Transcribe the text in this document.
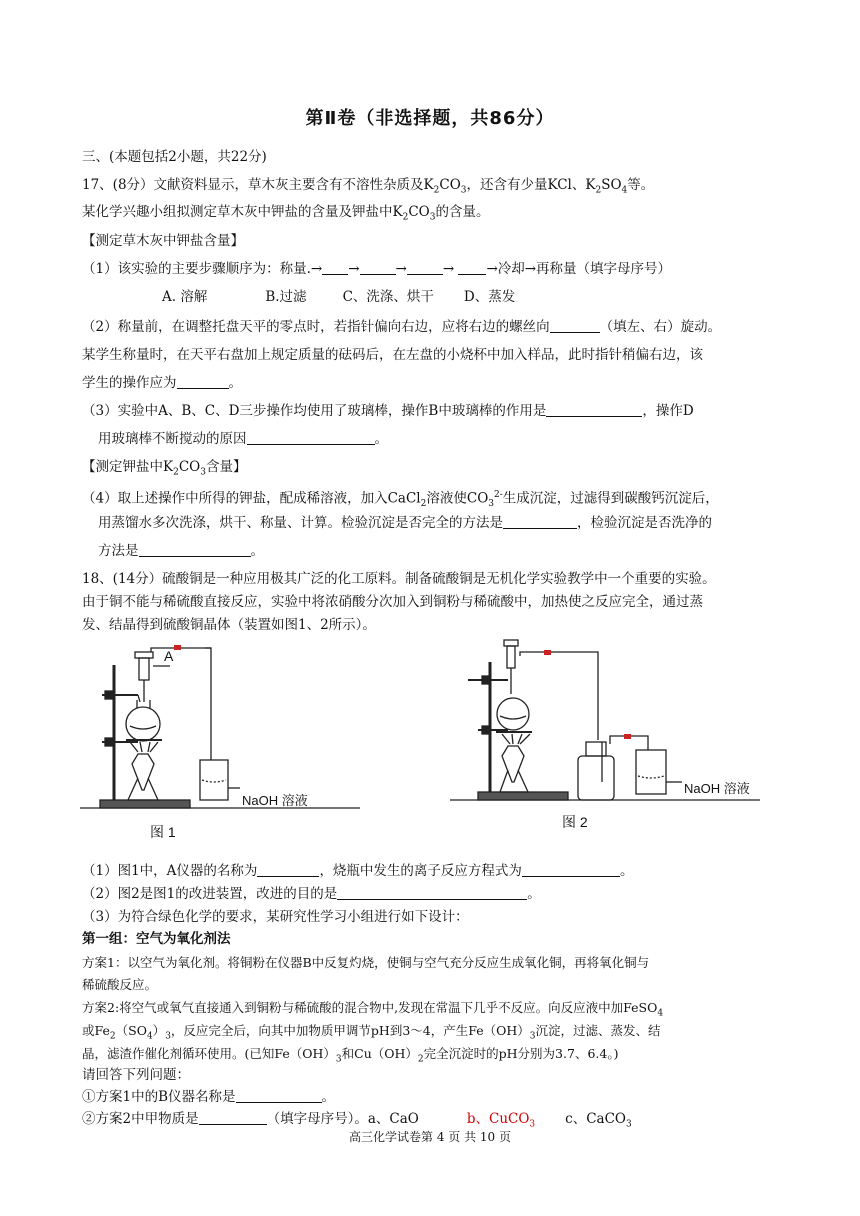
第Ⅱ卷（非选择题，共86分）
三、(本题包括2小题，共22分)
17、(8分）文献资料显示，草木灰主要含有不溶性杂质及$K_2CO_3$，还含有少量KCl、$K_2SO_4$等。
某化学兴趣小组拟测定草木灰中钾盐的含量及钾盐中$K_2CO_3$的含量。
【测定草木灰中钾盐含量】
（1）该实验的主要步骤顺序为：称量.→ →	→	→ →冷却→再称量（填字母序号）
A. 溶解	B.过滤	C、洗涤、烘干 D、蒸发
（2）称量前，在调整托盘天平的零点时，若指针偏向右边，应将右边的螺丝向	（填左、右）旋动。
某学生称量时，在天平右盘加上规定质量的砝码后，在左盘的小烧杯中加入样品，此时指针稍偏右边，该
学生的操作应为	。
（3）实验中A、B、C、D三步操作均使用了玻璃棒，操作B中玻璃棒的作用是	，操作D
用玻璃棒不断搅动的原因	。
【测定钾盐中$K_2CO_3$含量】
（4）取上述操作中所得的钾盐，配成稀溶液，加入CaCl$_2$溶液使$CO_3^{2-}$生成沉淀，过滤得到碳酸钙沉淀后，
用蒸馏水多次洗涤，烘干、称量、计算。检验沉淀是否完全的方法是	，检验沉淀是否洗净的
方法是	。
18、(14分）硫酸铜是一种应用极其广泛的化工原料。制备硫酸铜是无机化学实验教学中一个重要的实验。
由于铜不能与稀硫酸直接反应，实验中将浓硝酸分次加入到铜粉与稀硫酸中，加热使之反应完全，通过蒸
发、结晶得到硫酸铜晶体（装置如图1、2所示）。
NaOH 溶液
A
图 1
NaOH 溶液
图 2
（1）图1中，A仪器的名称为	，烧瓶中发生的离子反应方程式为	。
（2）图2是图1的改进装置，改进的目的是	。
（3）为符合绿色化学的要求，某研究性学习小组进行如下设计：
第一组：空气为氧化剂法
方案1：以空气为氧化剂。将铜粉在仪器B中反复灼烧，使铜与空气充分反应生成氧化铜，再将氧化铜与
稀硫酸反应。
方案2:将空气或氧气直接通入到铜粉与稀硫酸的混合物中,发现在常温下几乎不反应。向反应液中加FeSO$_4$
或$Fe_2(SO_4)_3$，反应完全后，向其中加物质甲调节pH到3～4，产生$Fe(OH)_3$沉淀，过滤、蒸发、结
晶，滤渣作催化剂循环使用。(已知$Fe(OH)_3$和$Cu(OH)_2$完全沉淀时的pH分别为3.7、6.4。)
请回答下列问题：
①方案1中的B仪器名称是	。
②方案2中甲物质是	（填字母序号）。a、CaO	b、CuCO$_3$ c、CaCO$_3$
高三化学试卷第 4 页 共 10 页
